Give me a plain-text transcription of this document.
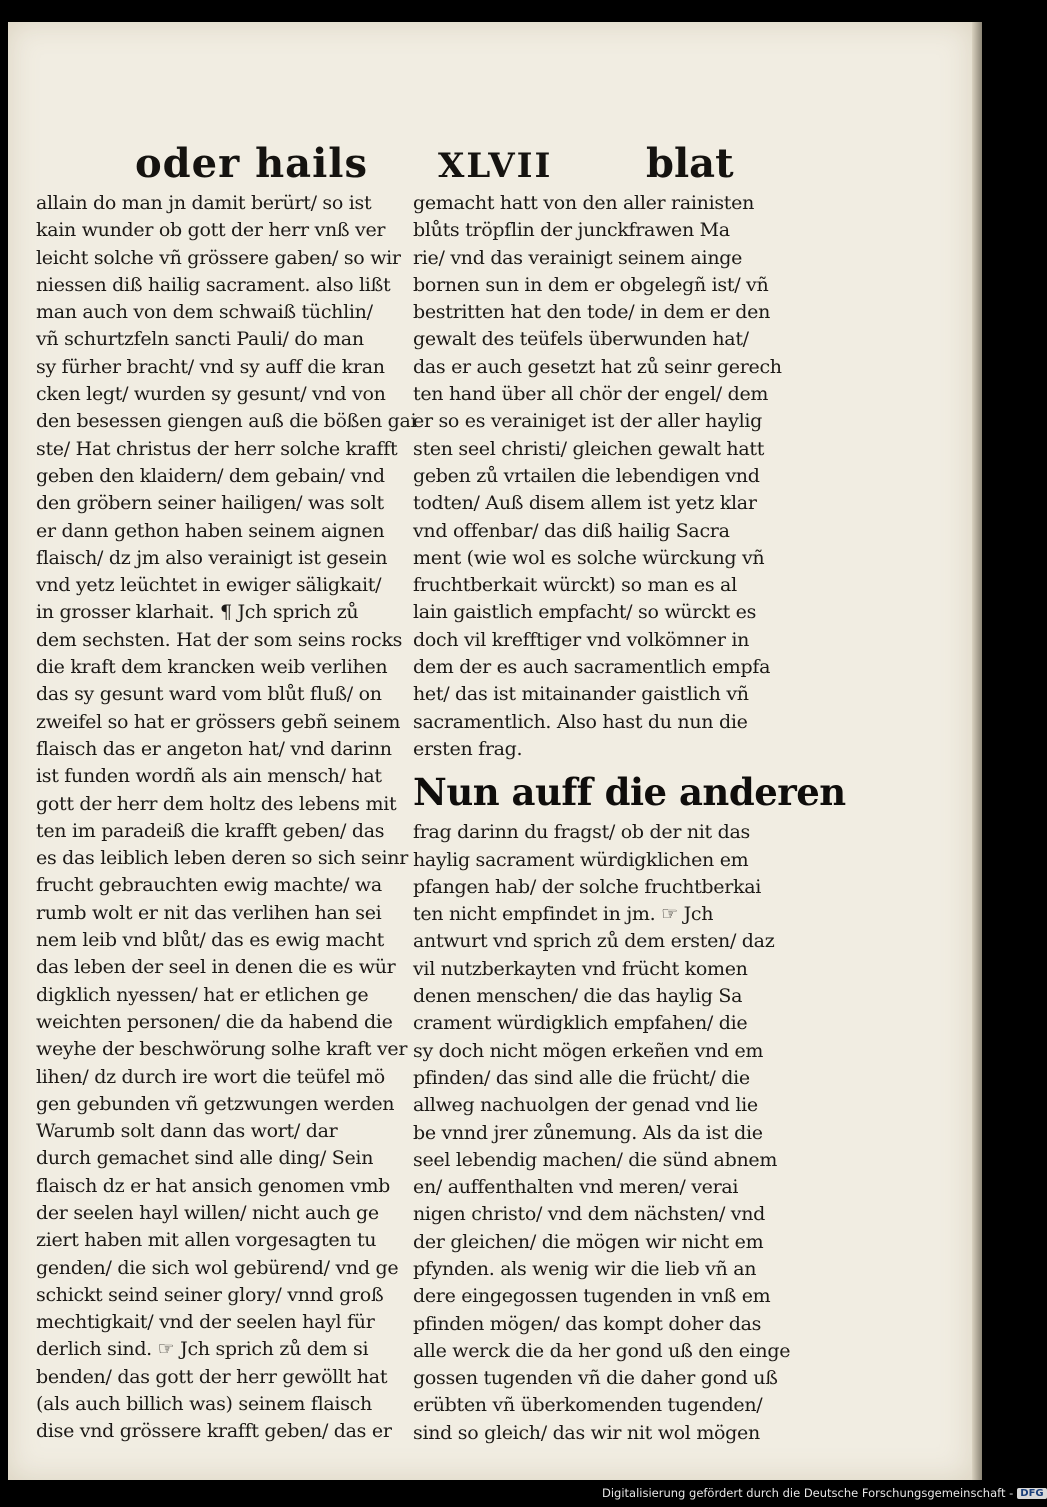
oder hails XLVII blat
allain do man jn damit berürt/ so ist
kain wunder ob gott der herr vnß ver
leicht solche vñ grössere gaben/ so wir
niessen diß hailig sacrament. also lißt
man auch von dem schwaiß tüchlin/
vñ schurtzfeln sancti Pauli/ do man
sy fürher bracht/ vnd sy auff die kran
cken legt/ wurden sy gesunt/ vnd von
den besessen giengen auß die bößen gai
ste/ Hat christus der herr solche krafft
geben den klaidern/ dem gebain/ vnd
den gröbern seiner hailigen/ was solt
er dann gethon haben seinem aignen
flaisch/ dz jm also verainigt ist gesein
vnd yetz leüchtet in ewiger säligkait/
in grosser klarhait. ¶ Jch sprich zů
dem sechsten. Hat der som seins rocks
die kraft dem krancken weib verlihen
das sy gesunt ward vom blůt fluß/ on
zweifel so hat er grössers gebñ seinem
flaisch das er angeton hat/ vnd darinn
ist funden wordñ als ain mensch/ hat
gott der herr dem holtz des lebens mit
ten im paradeiß die krafft geben/ das
es das leiblich leben deren so sich seinr
frucht gebrauchten ewig machte/ wa
rumb wolt er nit das verlihen han sei
nem leib vnd blůt/ das es ewig macht
das leben der seel in denen die es wür
digklich nyessen/ hat er etlichen ge
weichten personen/ die da habend die
weyhe der beschwörung solhe kraft ver
lihen/ dz durch ire wort die teüfel mö
gen gebunden vñ getzwungen werden
Warumb solt dann das wort/ dar
durch gemachet sind alle ding/ Sein
flaisch dz er hat ansich genomen vmb
der seelen hayl willen/ nicht auch ge
ziert haben mit allen vorgesagten tu
genden/ die sich wol gebürend/ vnd ge
schickt seind seiner glory/ vnnd groß
mechtigkait/ vnd der seelen hayl für
derlich sind. ☞ Jch sprich zů dem si
benden/ das gott der herr gewöllt hat
(als auch billich was) seinem flaisch
dise vnd grössere krafft geben/ das er
gemacht hatt von den aller rainisten
blůts tröpflin der junckfrawen Ma
rie/ vnd das verainigt seinem ainge
bornen sun in dem er obgelegñ ist/ vñ
bestritten hat den tode/ in dem er den
gewalt des teüfels überwunden hat/
das er auch gesetzt hat zů seinr gerech
ten hand über all chör der engel/ dem
er so es verainiget ist der aller haylig
sten seel christi/ gleichen gewalt hatt
geben zů vrtailen die lebendigen vnd
todten/ Auß disem allem ist yetz klar
vnd offenbar/ das diß hailig Sacra
ment (wie wol es solche würckung vñ
fruchtberkait würckt) so man es al
lain gaistlich empfacht/ so würckt es
doch vil krefftiger vnd volkömner in
dem der es auch sacramentlich empfa
het/ das ist mitainander gaistlich vñ
sacramentlich. Also hast du nun die
ersten frag.
Nun auff die anderen
frag darinn du fragst/ ob der nit das
haylig sacrament würdigklichen em
pfangen hab/ der solche fruchtberkai
ten nicht empfindet in jm. ☞ Jch
antwurt vnd sprich zů dem ersten/ daz
vil nutzberkayten vnd frücht komen
denen menschen/ die das haylig Sa
crament würdigklich empfahen/ die
sy doch nicht mögen erkeñen vnd em
pfinden/ das sind alle die frücht/ die
allweg nachuolgen der genad vnd lie
be vnnd jrer zůnemung. Als da ist die
seel lebendig machen/ die sünd abnem
en/ auffenthalten vnd meren/ verai
nigen christo/ vnd dem nächsten/ vnd
der gleichen/ die mögen wir nicht em
pfynden. als wenig wir die lieb vñ an
dere eingegossen tugenden in vnß em
pfinden mögen/ das kompt doher das
alle werck die da her gond uß den einge
gossen tugenden vñ die daher gond uß
erübten vñ überkomenden tugenden/
sind so gleich/ das wir nit wol mögen
Digitalisierung gefördert durch die Deutsche Forschungsgemeinschaft - DFG
